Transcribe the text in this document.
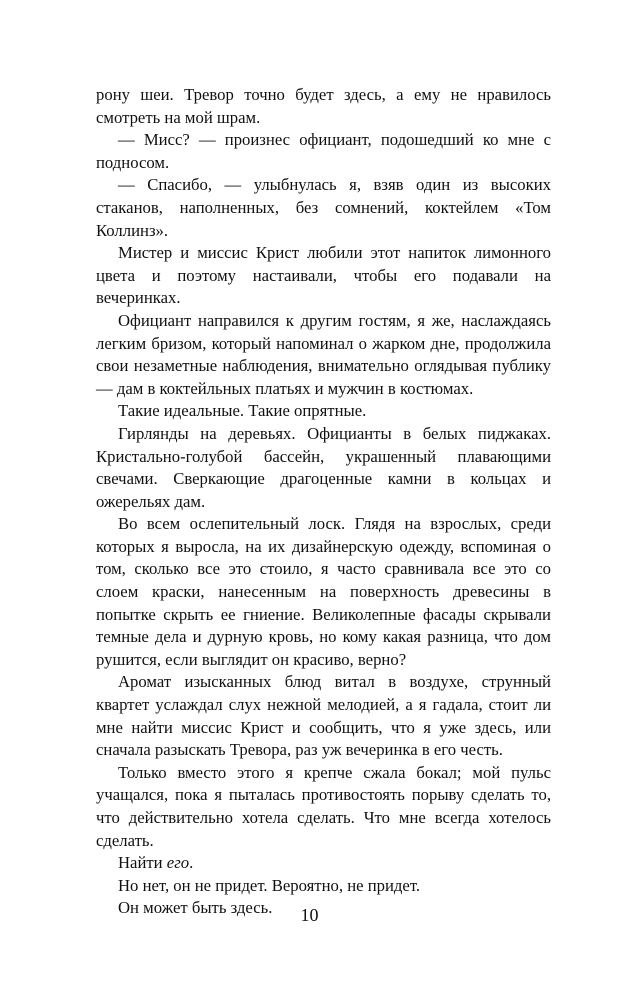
рону шеи. Тревор точно будет здесь, а ему не нравилось смотреть на мой шрам.

— Мисс? — произнес официант, подошедший ко мне с подносом.

— Спасибо, — улыбнулась я, взяв один из высоких стаканов, наполненных, без сомнений, коктейлем «Том Коллинз».

Мистер и миссис Крист любили этот напиток лимонного цвета и поэтому настаивали, чтобы его подавали на вечеринках.

Официант направился к другим гостям, я же, наслаждаясь легким бризом, который напоминал о жарком дне, продолжила свои незаметные наблюдения, внимательно оглядывая публику — дам в коктейльных платьях и мужчин в костюмах.

Такие идеальные. Такие опрятные.

Гирлянды на деревьях. Официанты в белых пиджаках. Кристально-голубой бассейн, украшенный плавающими свечами. Сверкающие драгоценные камни в кольцах и ожерельях дам.

Во всем ослепительный лоск. Глядя на взрослых, среди которых я выросла, на их дизайнерскую одежду, вспоминая о том, сколько все это стоило, я часто сравнивала все это со слоем краски, нанесенным на поверхность древесины в попытке скрыть ее гниение. Великолепные фасады скрывали темные дела и дурную кровь, но кому какая разница, что дом рушится, если выглядит он красиво, верно?

Аромат изысканных блюд витал в воздухе, струнный квартет услаждал слух нежной мелодией, а я гадала, стоит ли мне найти миссис Крист и сообщить, что я уже здесь, или сначала разыскать Тревора, раз уж вечеринка в его честь.

Только вместо этого я крепче сжала бокал; мой пульс учащался, пока я пыталась противостоять порыву сделать то, что действительно хотела сделать. Что мне всегда хотелось сделать.

Найти его.

Но нет, он не придет. Вероятно, не придет.

Он может быть здесь.	10
